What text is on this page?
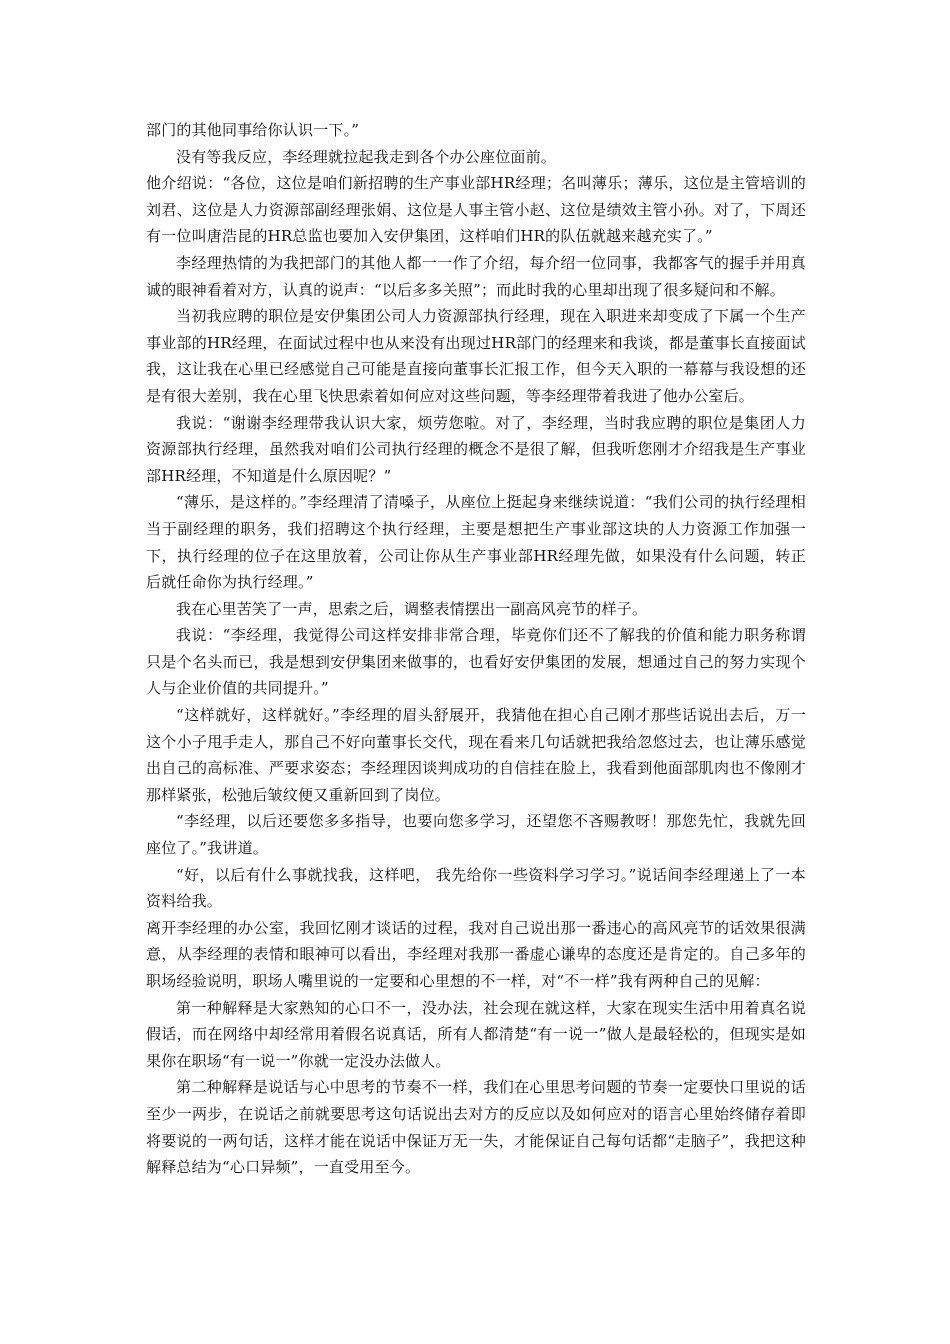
部门的其他同事给你认识一下。”

没有等我反应，李经理就拉起我走到各个办公座位面前。

他介绍说：“各位，这位是咱们新招聘的生产事业部HR经理；名叫薄乐；薄乐，这位是主管培训的刘君、这位是人力资源部副经理张娟、这位是人事主管小赵、这位是绩效主管小孙。对了，下周还有一位叫唐浩昆的HR总监也要加入安伊集团，这样咱们HR的队伍就越来越充实了。”

李经理热情的为我把部门的其他人都一一作了介绍，每介绍一位同事，我都客气的握手并用真诚的眼神看着对方，认真的说声：“以后多多关照”；而此时我的心里却出现了很多疑问和不解。

当初我应聘的职位是安伊集团公司人力资源部执行经理，现在入职进来却变成了下属一个生产事业部的HR经理，在面试过程中也从来没有出现过HR部门的经理来和我谈，都是董事长直接面试我，这让我在心里已经感觉自己可能是直接向董事长汇报工作，但今天入职的一幕幕与我设想的还是有很大差别，我在心里飞快思索着如何应对这些问题，等李经理带着我进了他办公室后。

我说：“谢谢李经理带我认识大家，烦劳您啦。对了，李经理，当时我应聘的职位是集团人力资源部执行经理，虽然我对咱们公司执行经理的概念不是很了解，但我听您刚才介绍我是生产事业部HR经理，不知道是什么原因呢？”

“薄乐，是这样的。”李经理清了清嗓子，从座位上挺起身来继续说道：“我们公司的执行经理相当于副经理的职务，我们招聘这个执行经理，主要是想把生产事业部这块的人力资源工作加强一下，执行经理的位子在这里放着，公司让你从生产事业部HR经理先做，如果没有什么问题，转正后就任命你为执行经理。”

我在心里苦笑了一声，思索之后，调整表情摆出一副高风亮节的样子。

我说：“李经理，我觉得公司这样安排非常合理，毕竟你们还不了解我的价值和能力职务称谓只是个名头而已，我是想到安伊集团来做事的，也看好安伊集团的发展，想通过自己的努力实现个人与企业价值的共同提升。”

“这样就好，这样就好。”李经理的眉头舒展开，我猜他在担心自己刚才那些话说出去后，万一这个小子甩手走人，那自己不好向董事长交代，现在看来几句话就把我给忽悠过去，也让薄乐感觉出自己的高标准、严要求姿态；李经理因谈判成功的自信挂在脸上，我看到他面部肌肉也不像刚才那样紧张，松弛后皱纹便又重新回到了岗位。

“李经理，以后还要您多多指导，也要向您多学习，还望您不吝赐教呀！那您先忙，我就先回座位了。”我讲道。

“好，以后有什么事就找我，这样吧， 我先给你一些资料学习学习。”说话间李经理递上了一本资料给我。

离开李经理的办公室，我回忆刚才谈话的过程，我对自己说出那一番违心的高风亮节的话效果很满意，从李经理的表情和眼神可以看出，李经理对我那一番虚心谦卑的态度还是肯定的。自己多年的职场经验说明，职场人嘴里说的一定要和心里想的不一样，对“不一样”我有两种自己的见解：

第一种解释是大家熟知的心口不一，没办法，社会现在就这样，大家在现实生活中用着真名说假话，而在网络中却经常用着假名说真话，所有人都清楚“有一说一”做人是最轻松的，但现实是如果你在职场“有一说一”你就一定没办法做人。

第二种解释是说话与心中思考的节奏不一样，我们在心里思考问题的节奏一定要快口里说的话至少一两步，在说话之前就要思考这句话说出去对方的反应以及如何应对的语言心里始终储存着即将要说的一两句话，这样才能在说话中保证万无一失，才能保证自己每句话都“走脑子”，我把这种解释总结为“心口异频”，一直受用至今。
